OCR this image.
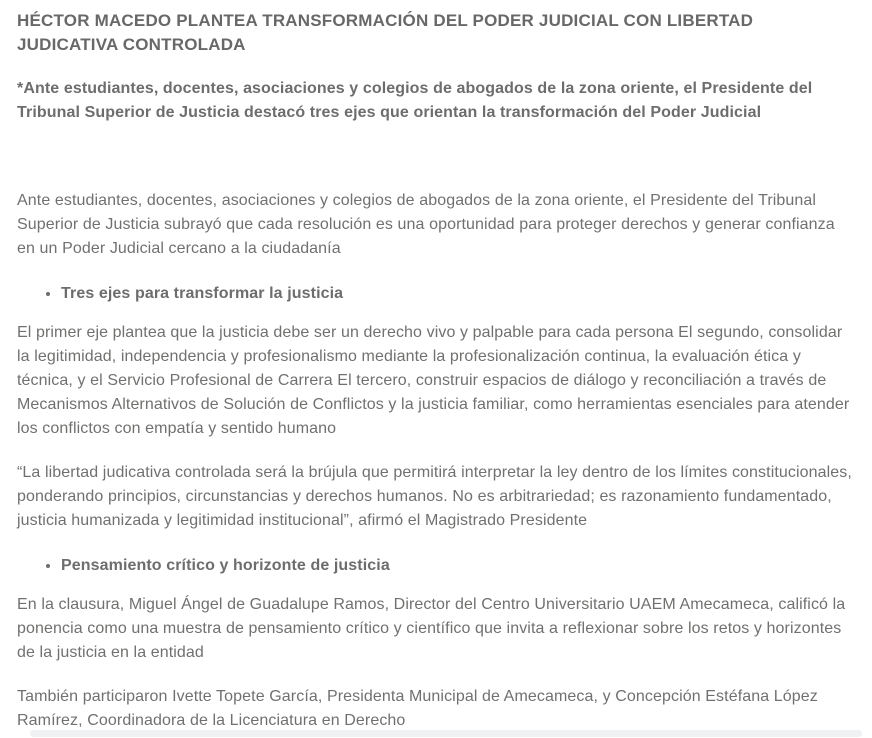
HÉCTOR MACEDO PLANTEA TRANSFORMACIÓN DEL PODER JUDICIAL CON LIBERTAD JUDICATIVA CONTROLADA

*Ante estudiantes, docentes, asociaciones y colegios de abogados de la zona oriente, el Presidente del Tribunal Superior de Justicia destacó tres ejes que orientan la transformación del Poder Judicial

Ante estudiantes, docentes, asociaciones y colegios de abogados de la zona oriente, el Presidente del Tribunal Superior de Justicia subrayó que cada resolución es una oportunidad para proteger derechos y generar confianza en un Poder Judicial cercano a la ciudadanía

• Tres ejes para transformar la justicia

El primer eje plantea que la justicia debe ser un derecho vivo y palpable para cada persona El segundo, consolidar la legitimidad, independencia y profesionalismo mediante la profesionalización continua, la evaluación ética y técnica, y el Servicio Profesional de Carrera El tercero, construir espacios de diálogo y reconciliación a través de Mecanismos Alternativos de Solución de Conflictos y la justicia familiar, como herramientas esenciales para atender los conflictos con empatía y sentido humano

“La libertad judicativa controlada será la brújula que permitirá interpretar la ley dentro de los límites constitucionales, ponderando principios, circunstancias y derechos humanos. No es arbitrariedad; es razonamiento fundamentado, justicia humanizada y legitimidad institucional”, afirmó el Magistrado Presidente

• Pensamiento crítico y horizonte de justicia

En la clausura, Miguel Ángel de Guadalupe Ramos, Director del Centro Universitario UAEM Amecameca, calificó la ponencia como una muestra de pensamiento crítico y científico que invita a reflexionar sobre los retos y horizontes de la justicia en la entidad

También participaron Ivette Topete García, Presidenta Municipal de Amecameca, y Concepción Estéfana López Ramírez, Coordinadora de la Licenciatura en Derecho
